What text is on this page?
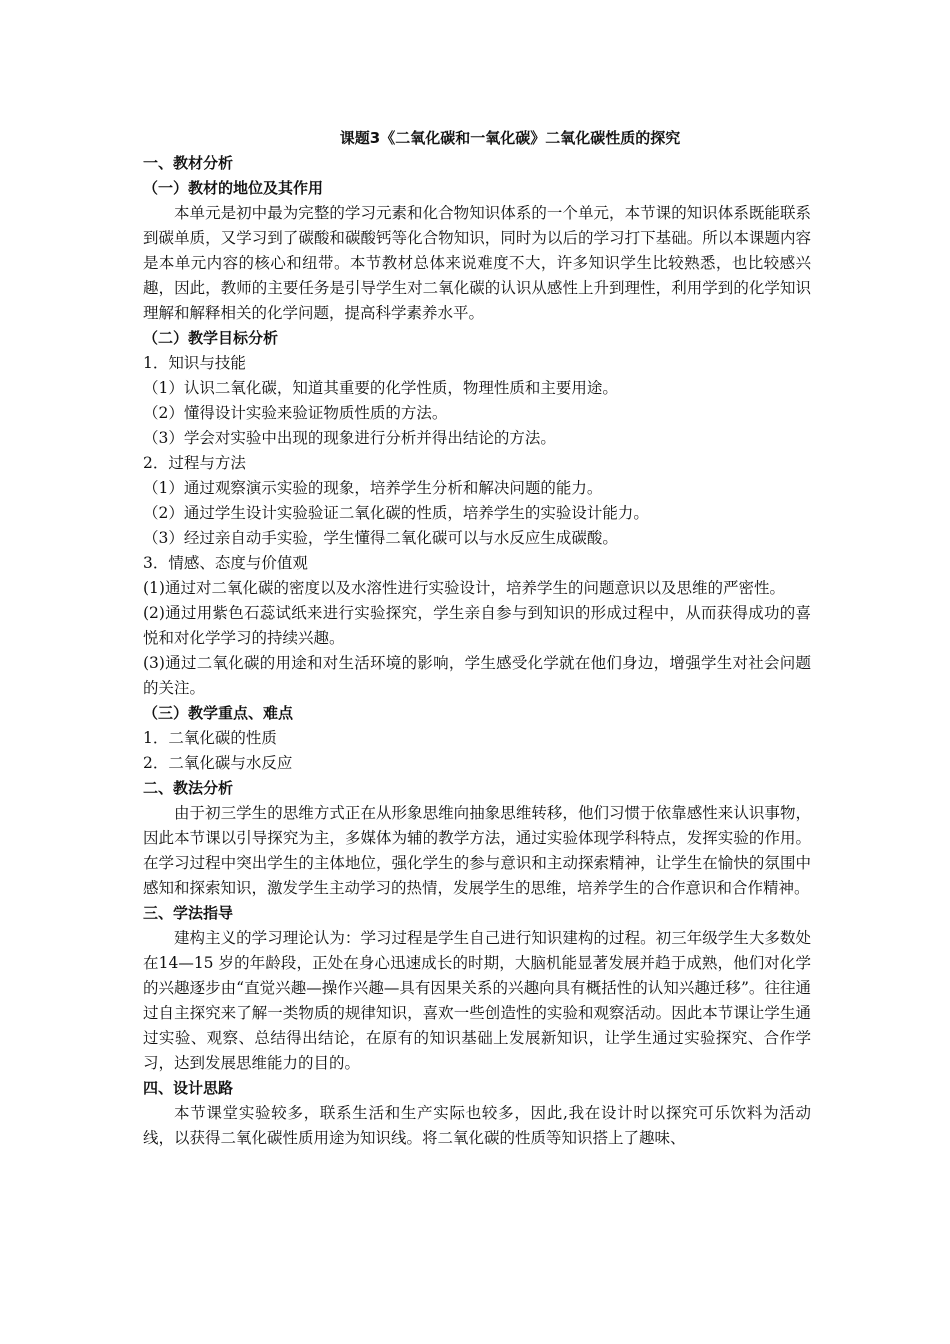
课题3《二氧化碳和一氧化碳》二氧化碳性质的探究
一、教材分析
（一）教材的地位及其作用

本单元是初中最为完整的学习元素和化合物知识体系的一个单元，本节课的知识体系既能联系到碳单质，又学习到了碳酸和碳酸钙等化合物知识，同时为以后的学习打下基础。所以本课题内容是本单元内容的核心和纽带。本节教材总体来说难度不大，许多知识学生比较熟悉，也比较感兴趣，因此，教师的主要任务是引导学生对二氧化碳的认识从感性上升到理性，利用学到的化学知识理解和解释相关的化学问题，提高科学素养水平。

（二）教学目标分析
1．知识与技能
（1）认识二氧化碳，知道其重要的化学性质，物理性质和主要用途。
（2）懂得设计实验来验证物质性质的方法。
（3）学会对实验中出现的现象进行分析并得出结论的方法。
2．过程与方法
（1）通过观察演示实验的现象，培养学生分析和解决问题的能力。
（2）通过学生设计实验验证二氧化碳的性质，培养学生的实验设计能力。
（3）经过亲自动手实验，学生懂得二氧化碳可以与水反应生成碳酸。
3．情感、态度与价值观

(1)通过对二氧化碳的密度以及水溶性进行实验设计，培养学生的问题意识以及思维的严密性。

(2)通过用紫色石蕊试纸来进行实验探究，学生亲自参与到知识的形成过程中，从而获得成功的喜悦和对化学学习的持续兴趣。

(3)通过二氧化碳的用途和对生活环境的影响，学生感受化学就在他们身边，增强学生对社会问题的关注。

（三）教学重点、难点
1．二氧化碳的性质
2．二氧化碳与水反应
二、教法分析

由于初三学生的思维方式正在从形象思维向抽象思维转移，他们习惯于依靠感性来认识事物，因此本节课以引导探究为主，多媒体为辅的教学方法，通过实验体现学科特点，发挥实验的作用。在学习过程中突出学生的主体地位，强化学生的参与意识和主动探索精神，让学生在愉快的氛围中感知和探索知识，激发学生主动学习的热情，发展学生的思维，培养学生的合作意识和合作精神。

三、学法指导

建构主义的学习理论认为：学习过程是学生自己进行知识建构的过程。初三年级学生大多数处在14—15 岁的年龄段，正处在身心迅速成长的时期，大脑机能显著发展并趋于成熟，他们对化学的兴趣逐步由“直觉兴趣—操作兴趣—具有因果关系的兴趣向具有概括性的认知兴趣迁移”。往往通过自主探究来了解一类物质的规律知识，喜欢一些创造性的实验和观察活动。因此本节课让学生通过实验、观察、总结得出结论，在原有的知识基础上发展新知识，让学生通过实验探究、合作学习，达到发展思维能力的目的。

四、设计思路

本节课堂实验较多，联系生活和生产实际也较多，因此,我在设计时以探究可乐饮料为活动线，以获得二氧化碳性质用途为知识线。将二氧化碳的性质等知识搭上了趣味、
